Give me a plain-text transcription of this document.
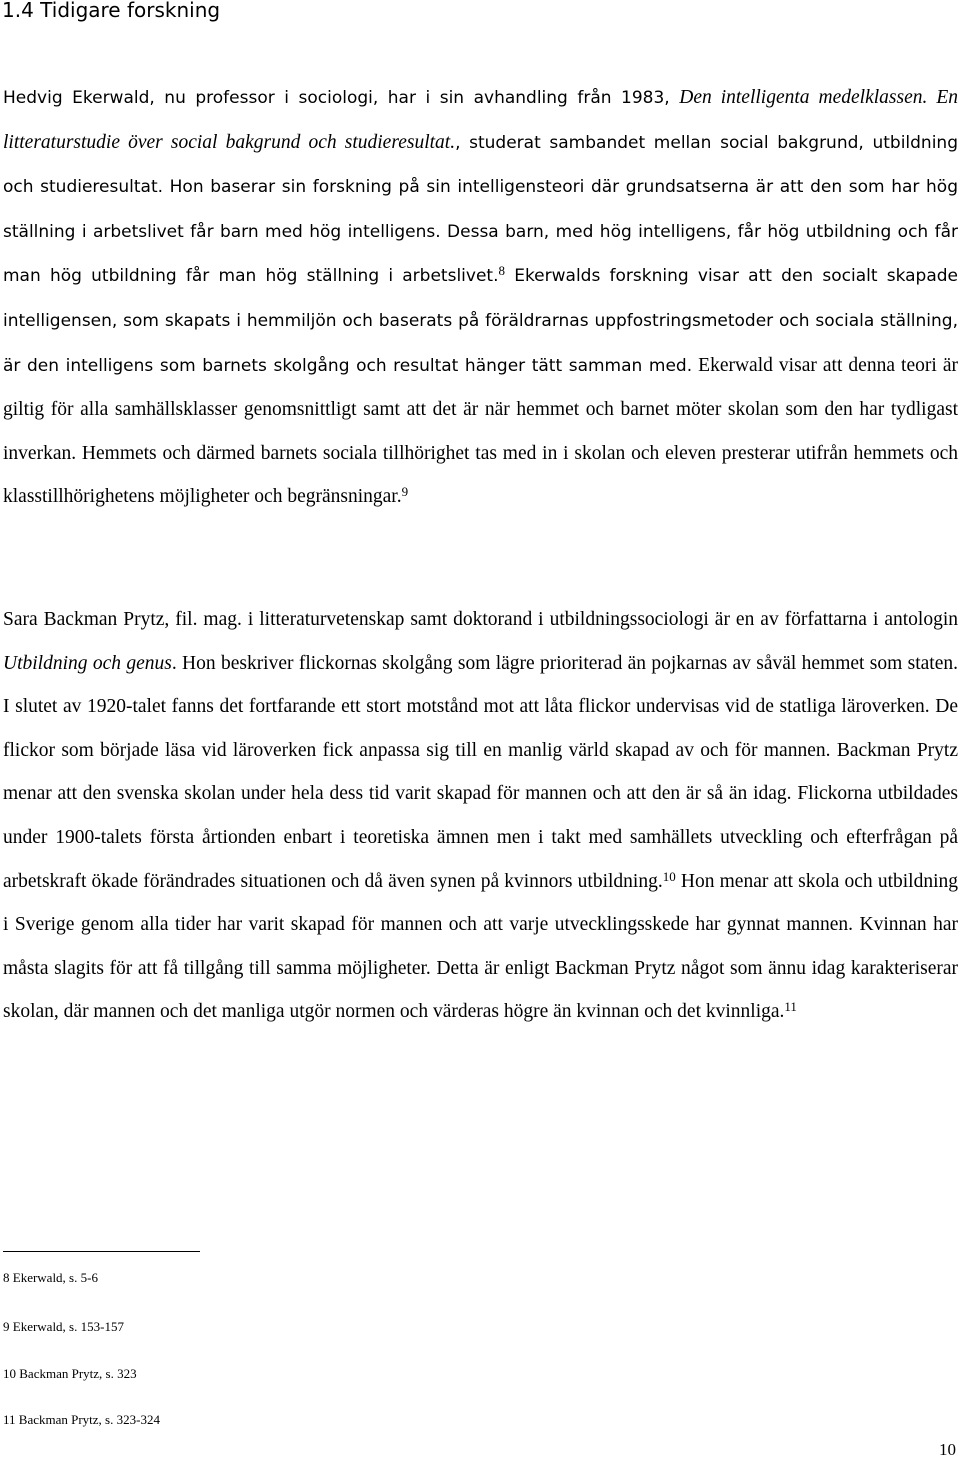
1.4 Tidigare forskning

Hedvig Ekerwald, nu professor i sociologi, har i sin avhandling från 1983, Den intelligenta medelklassen. En litteraturstudie över social bakgrund och studieresultat., studerat sambandet mellan social bakgrund, utbildning och studieresultat. Hon baserar sin forskning på sin intelligensteori där grundsatserna är att den som har hög ställning i arbetslivet får barn med hög intelligens. Dessa barn, med hög intelligens, får hög utbildning och får man hög utbildning får man hög ställning i arbetslivet.$^8$ Ekerwalds forskning visar att den socialt skapade intelligensen, som skapats i hemmiljön och baserats på föräldrarnas uppfostringsmetoder och sociala ställning, är den intelligens som barnets skolgång och resultat hänger tätt samman med. Ekerwald visar att denna teori är giltig för alla samhällsklasser genomsnittligt samt att det är när hemmet och barnet möter skolan som den har tydligast inverkan. Hemmets och därmed barnets sociala tillhörighet tas med in i skolan och eleven presterar utifrån hemmets och klasstillhörighetens möjligheter och begränsningar.$^9$

Sara Backman Prytz, fil. mag. i litteraturvetenskap samt doktorand i utbildningssociologi är en av författarna i antologin Utbildning och genus. Hon beskriver flickornas skolgång som lägre prioriterad än pojkarnas av såväl hemmet som staten. I slutet av 1920-talet fanns det fortfarande ett stort motstånd mot att låta flickor undervisas vid de statliga läroverken. De flickor som började läsa vid läroverken fick anpassa sig till en manlig värld skapad av och för mannen. Backman Prytz menar att den svenska skolan under hela dess tid varit skapad för mannen och att den är så än idag. Flickorna utbildades under 1900-talets första årtionden enbart i teoretiska ämnen men i takt med samhällets utveckling och efterfrågan på arbetskraft ökade förändrades situationen och då även synen på kvinnors utbildning.$^{10}$ Hon menar att skola och utbildning i Sverige genom alla tider har varit skapad för mannen och att varje utvecklingsskede har gynnat mannen. Kvinnan har måsta slagits för att få tillgång till samma möjligheter. Detta är enligt Backman Prytz något som ännu idag karakteriserar skolan, där mannen och det manliga utgör normen och värderas högre än kvinnan och det kvinnliga.$^{11}$

8 Ekerwald, s. 5-6

9 Ekerwald, s. 153-157

10 Backman Prytz, s. 323

11 Backman Prytz, s. 323-324

10
